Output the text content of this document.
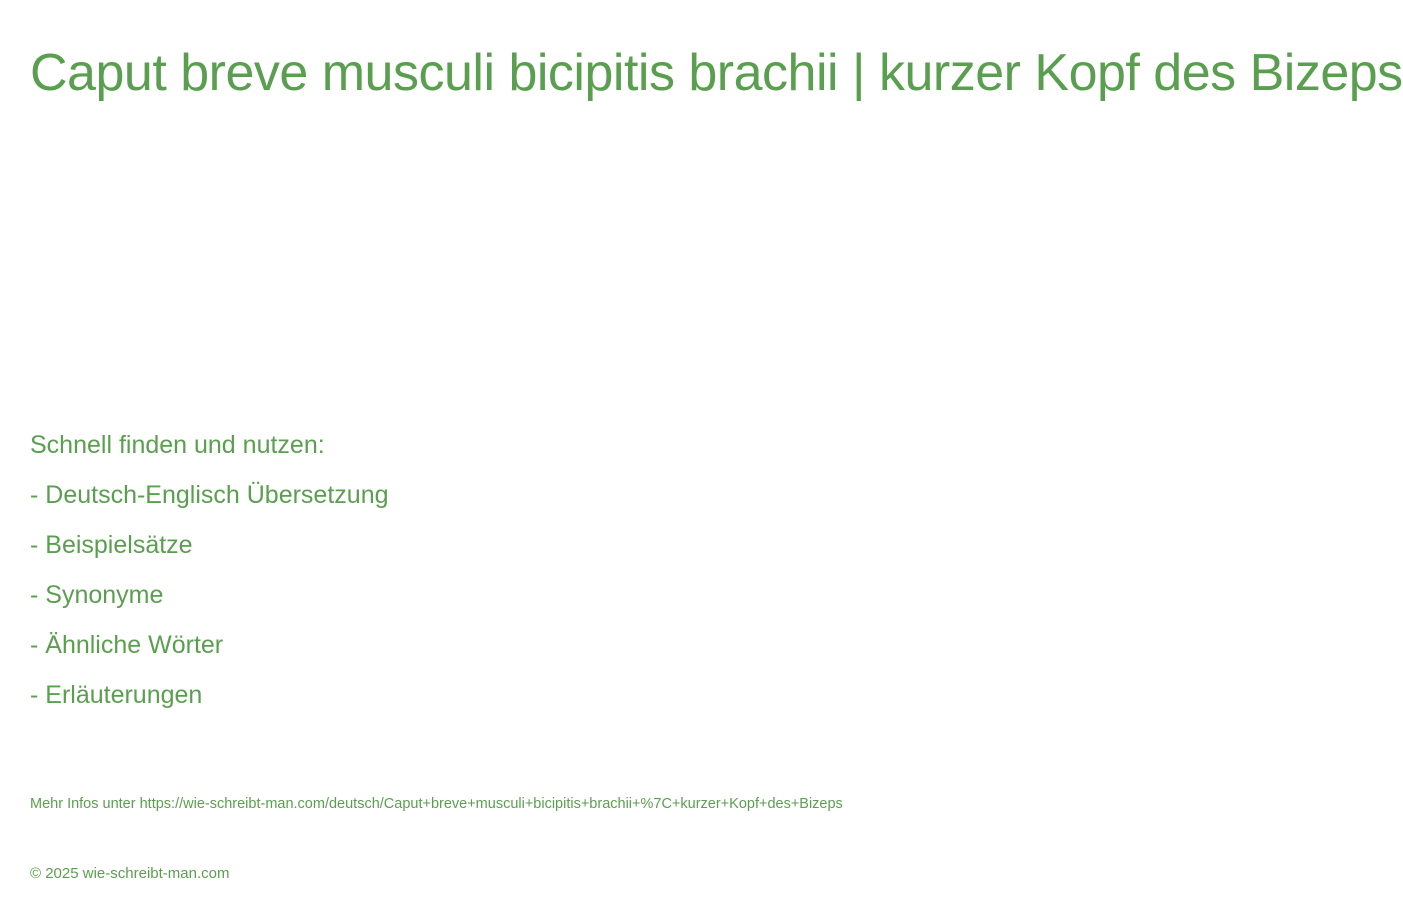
Caput breve musculi bicipitis brachii | kurzer Kopf des Bizeps
Schnell finden und nutzen:
- Deutsch-Englisch Übersetzung
- Beispielsätze
- Synonyme
- Ähnliche Wörter
- Erläuterungen
Mehr Infos unter https://wie-schreibt-man.com/deutsch/Caput+breve+musculi+bicipitis+brachii+%7C+kurzer+Kopf+des+Bizeps
© 2025 wie-schreibt-man.com
